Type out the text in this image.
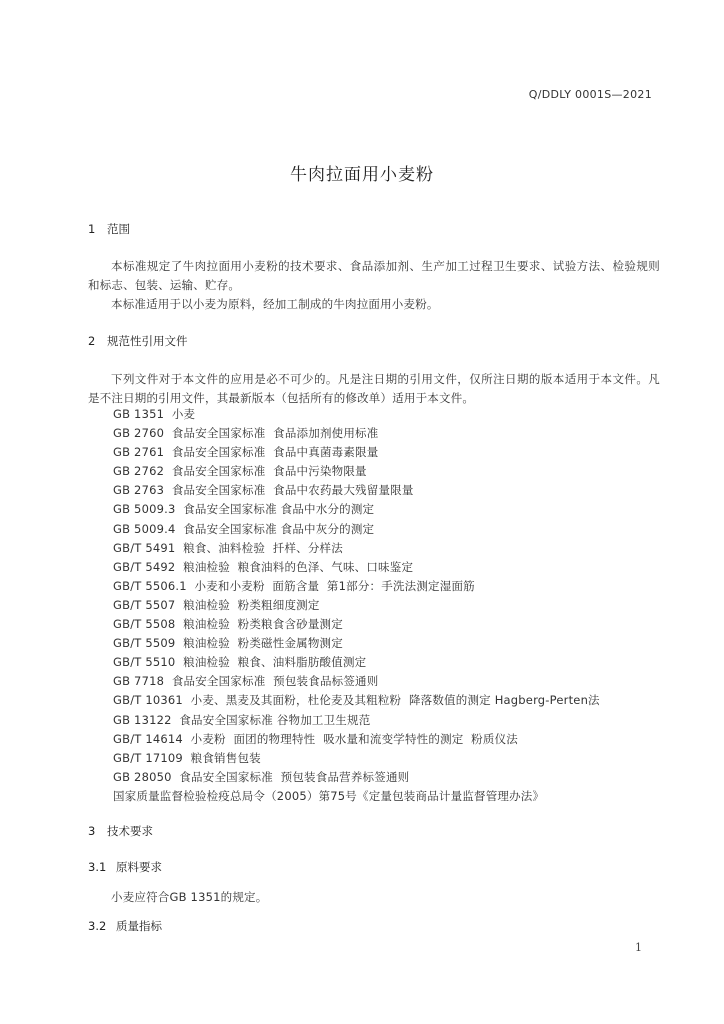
Q/DDLY 0001S—2021
牛肉拉面用小麦粉
1 范围
本标准规定了牛肉拉面用小麦粉的技术要求、食品添加剂、生产加工过程卫生要求、试验方法、检验规则和标志、包装、运输、贮存。
本标准适用于以小麦为原料，经加工制成的牛肉拉面用小麦粉。
2 规范性引用文件
下列文件对于本文件的应用是必不可少的。凡是注日期的引用文件，仅所注日期的版本适用于本文件。凡是不注日期的引用文件，其最新版本（包括所有的修改单）适用于本文件。
GB 1351  小麦
GB 2760  食品安全国家标准  食品添加剂使用标准
GB 2761  食品安全国家标准  食品中真菌毒素限量
GB 2762  食品安全国家标准  食品中污染物限量
GB 2763  食品安全国家标准  食品中农药最大残留量限量
GB 5009.3  食品安全国家标准 食品中水分的测定
GB 5009.4  食品安全国家标准 食品中灰分的测定
GB/T 5491  粮食、油料检验  扦样、分样法
GB/T 5492  粮油检验  粮食油料的色泽、气味、口味鉴定
GB/T 5506.1  小麦和小麦粉  面筋含量  第1部分：手洗法测定湿面筋
GB/T 5507  粮油检验  粉类粗细度测定
GB/T 5508  粮油检验  粉类粮食含砂量测定
GB/T 5509  粮油检验  粉类磁性金属物测定
GB/T 5510  粮油检验  粮食、油料脂肪酸值测定
GB 7718  食品安全国家标准  预包装食品标签通则
GB/T 10361  小麦、黑麦及其面粉，杜伦麦及其粗粒粉  降落数值的测定 Hagberg-Perten法
GB 13122  食品安全国家标准 谷物加工卫生规范
GB/T 14614  小麦粉  面团的物理特性  吸水量和流变学特性的测定  粉质仪法
GB/T 17109  粮食销售包装
GB 28050  食品安全国家标准  预包装食品营养标签通则
国家质量监督检验检疫总局令（2005）第75号《定量包装商品计量监督管理办法》
3 技术要求
3.1 原料要求
小麦应符合GB 1351的规定。
3.2 质量指标
1
